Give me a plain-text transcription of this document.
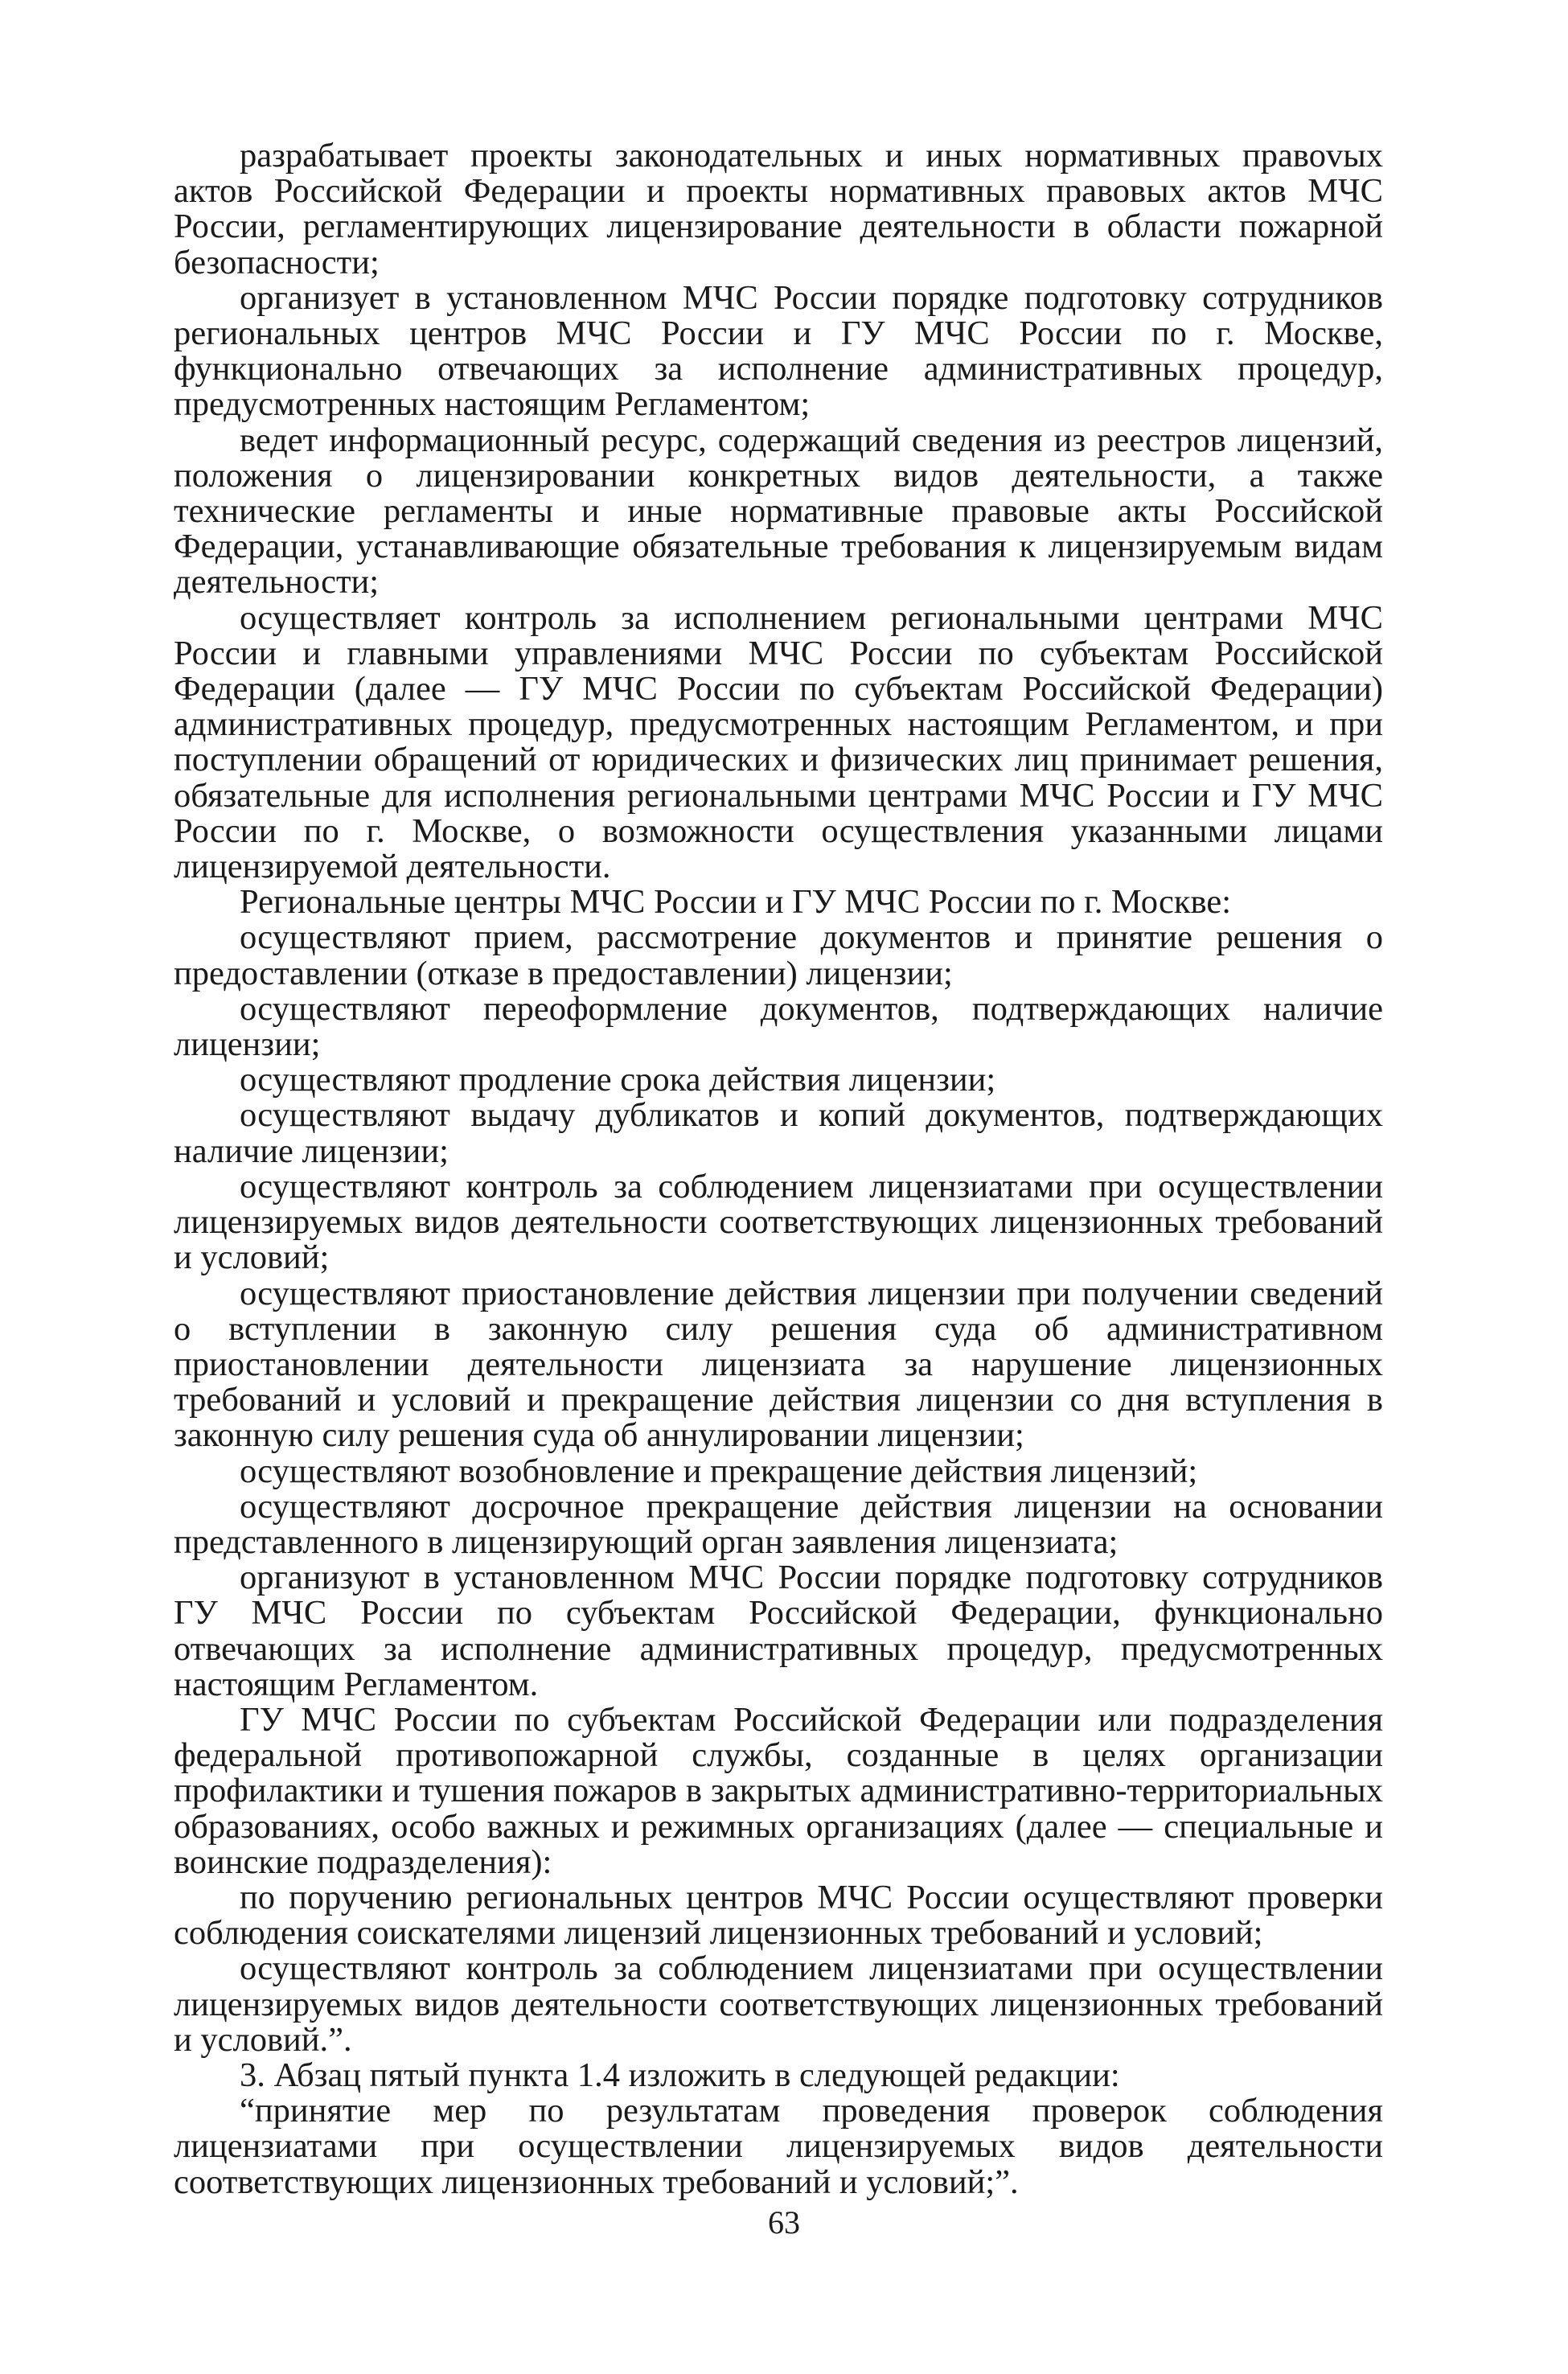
разрабатывает проекты законодательных и иных нормативных правоvых актов Российской Федерации и проекты нормативных правовых актов МЧС России, регламентирующих лицензирование деятельности в области пожарной безопасности;

организует в установленном МЧС России порядке подготовку сотрудников региональных центров МЧС России и ГУ МЧС России по г. Москве, функционально отвечающих за исполнение административных процедур, предусмотренных настоящим Регламентом;

ведет информационный ресурс, содержащий сведения из реестров лицензий, положения о лицензировании конкретных видов деятельности, а также технические регламенты и иные нормативные правовые акты Российской Федерации, устанавливающие обязательные требования к лицензируемым видам деятельности;

осуществляет контроль за исполнением региональными центрами МЧС России и главными управлениями МЧС России по субъектам Российской Федерации (далее — ГУ МЧС России по субъектам Российской Федерации) административных процедур, предусмотренных настоящим Регламентом, и при поступлении обращений от юридических и физических лиц принимает решения, обязательные для исполнения региональными центрами МЧС России и ГУ МЧС России по г. Москве, о возможности осуществления указанными лицами лицензируемой деятельности.

Региональные центры МЧС России и ГУ МЧС России по г. Москве:

осуществляют прием, рассмотрение документов и принятие решения о предоставлении (отказе в предоставлении) лицензии;

осуществляют переоформление документов, подтверждающих наличие лицензии;

осуществляют продление срока действия лицензии;

осуществляют выдачу дубликатов и копий документов, подтверждающих наличие лицензии;

осуществляют контроль за соблюдением лицензиатами при осуществлении лицензируемых видов деятельности соответствующих лицензионных требований и условий;

осуществляют приостановление действия лицензии при получении сведений о вступлении в законную силу решения суда об административном приостановлении деятельности лицензиата за нарушение лицензионных требований и условий и прекращение действия лицензии со дня вступления в законную силу решения суда об аннулировании лицензии;

осуществляют возобновление и прекращение действия лицензий;

осуществляют досрочное прекращение действия лицензии на основании представленного в лицензирующий орган заявления лицензиата;

организуют в установленном МЧС России порядке подготовку сотрудников ГУ МЧС России по субъектам Российской Федерации, функционально отвечающих за исполнение административных процедур, предусмотренных настоящим Регламентом.

ГУ МЧС России по субъектам Российской Федерации или подразделения федеральной противопожарной службы, созданные в целях организации профилактики и тушения пожаров в закрытых административно-территориальных образованиях, особо важных и режимных организациях (далее — специальные и воинские подразделения):

по поручению региональных центров МЧС России осуществляют проверки соблюдения соискателями лицензий лицензионных требований и условий;

осуществляют контроль за соблюдением лицензиатами при осуществлении лицензируемых видов деятельности соответствующих лицензионных требований и условий.”.

3. Абзац пятый пункта 1.4 изложить в следующей редакции:

“принятие мер по результатам проведения проверок соблюдения лицензиатами при осуществлении лицензируемых видов деятельности соответствующих лицензионных требований и условий;”.

63
